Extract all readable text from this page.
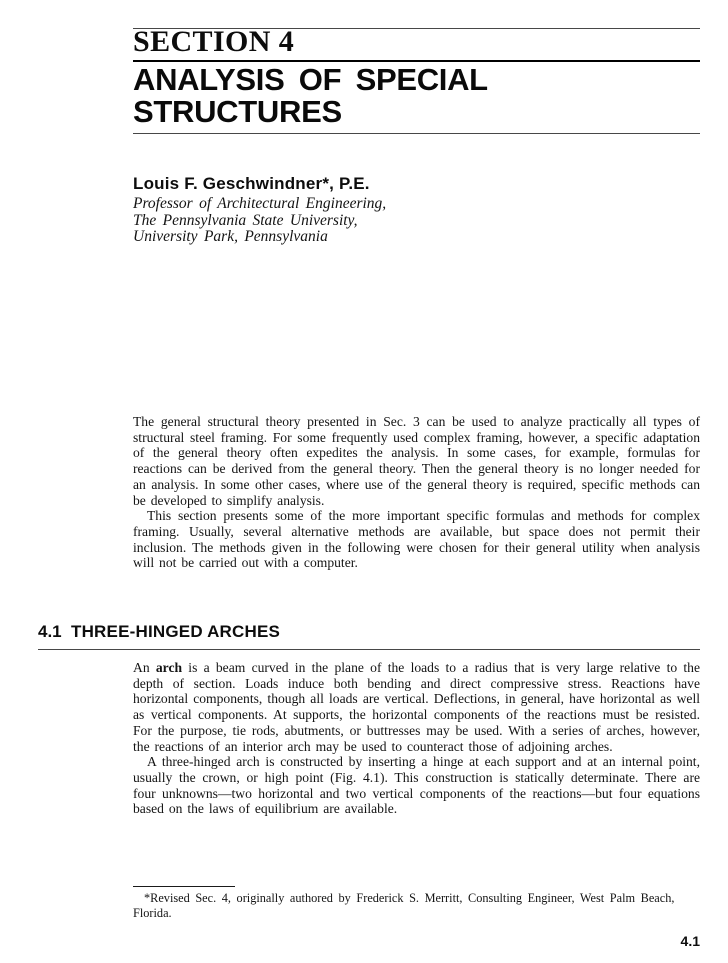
SECTION 4
ANALYSIS OF SPECIAL
STRUCTURES
Louis F. Geschwindner*, P.E.
Professor of Architectural Engineering,
The Pennsylvania State University,
University Park, Pennsylvania

The general structural theory presented in Sec. 3 can be used to analyze practically all types of structural steel framing. For some frequently used complex framing, however, a specific adaptation of the general theory often expedites the analysis. In some cases, for example, formulas for reactions can be derived from the general theory. Then the general theory is no longer needed for an analysis. In some other cases, where use of the general theory is required, specific methods can be developed to simplify analysis.

This section presents some of the more important specific formulas and methods for complex framing. Usually, several alternative methods are available, but space does not permit their inclusion. The methods given in the following were chosen for their general utility when analysis will not be carried out with a computer.

4.1 THREE-HINGED ARCHES

An arch is a beam curved in the plane of the loads to a radius that is very large relative to the depth of section. Loads induce both bending and direct compressive stress. Reactions have horizontal components, though all loads are vertical. Deflections, in general, have horizontal as well as vertical components. At supports, the horizontal components of the reactions must be resisted. For the purpose, tie rods, abutments, or buttresses may be used. With a series of arches, however, the reactions of an interior arch may be used to counteract those of adjoining arches.

A three-hinged arch is constructed by inserting a hinge at each support and at an internal point, usually the crown, or high point (Fig. 4.1). This construction is statically determinate. There are four unknowns—two horizontal and two vertical components of the reactions—but four equations based on the laws of equilibrium are available.

*Revised Sec. 4, originally authored by Frederick S. Merritt, Consulting Engineer, West Palm Beach, Florida.
4.1
